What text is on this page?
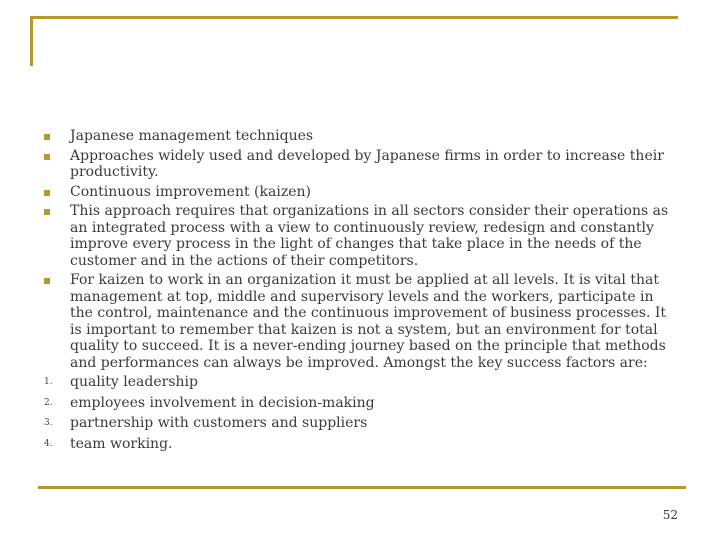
Japanese management techniques
Approaches widely used and developed by Japanese firms in order to increase their productivity.
Continuous improvement (kaizen)
This approach requires that organizations in all sectors consider their operations as an integrated process with a view to continuously review, redesign and constantly improve every process in the light of changes that take place in the needs of the customer and in the actions of their competitors.
For kaizen to work in an organization it must be applied at all levels. It is vital that management at top, middle and supervisory levels and the workers, participate in the control, maintenance and the continuous improvement of business processes. It is important to remember that kaizen is not a system, but an environment for total quality to succeed. It is a never-ending journey based on the principle that methods and performances can always be improved. Amongst the key success factors are:
1.	quality leadership
2.	employees involvement in decision-making
3.	partnership with customers and suppliers
4.	team working.
52
